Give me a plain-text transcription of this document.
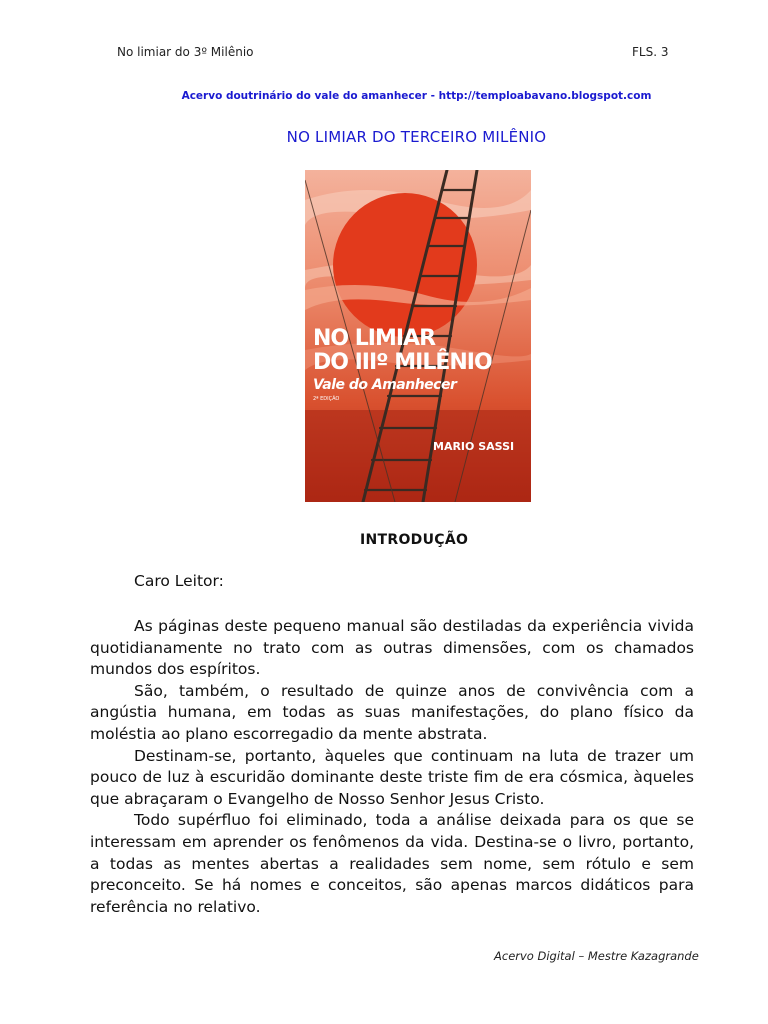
No limiar do 3º Milênio	FLS. 3
Acervo doutrinário do vale do amanhecer - http://temploabavano.blogspot.com
NO LIMIAR DO TERCEIRO MILÊNIO
NO LIMIAR
DO IIIº MILÊNIO
Vale do Amanhecer
2ª EDIÇÃO
MARIO SASSI
INTRODUÇÃO
Caro Leitor:

As páginas deste pequeno manual são destiladas da experiência vivida quotidianamente no trato com as outras dimensões, com os chamados mundos dos espíritos.

São, também, o resultado de quinze anos de convivência com a angústia humana, em todas as suas manifestações, do plano físico da moléstia ao plano escorregadio da mente abstrata.

Destinam-se, portanto, àqueles que continuam na luta de trazer um pouco de luz à escuridão dominante deste triste fim de era cósmica, àqueles que abraçaram o Evangelho de Nosso Senhor Jesus Cristo.

Todo supérfluo foi eliminado, toda a análise deixada para os que se interessam em aprender os fenômenos da vida. Destina-se o livro, portanto, a todas as mentes abertas a realidades sem nome, sem rótulo e sem preconceito. Se há nomes e conceitos, são apenas marcos didáticos para referência no relativo.

Acervo Digital – Mestre Kazagrande
